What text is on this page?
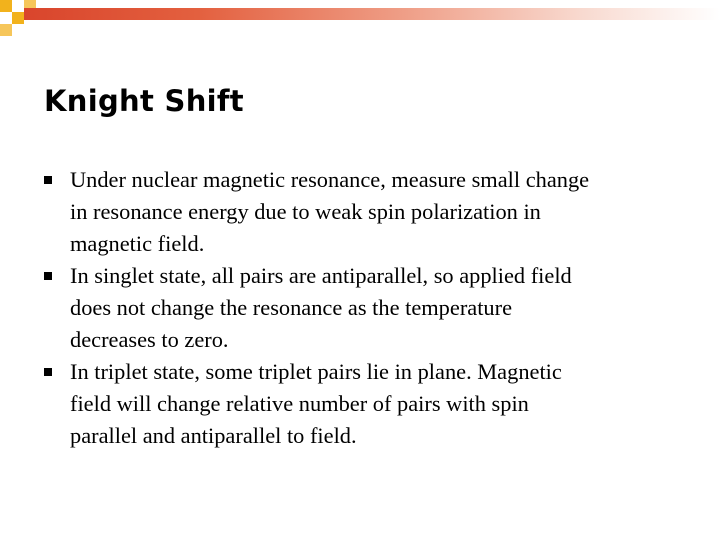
Knight Shift
Under nuclear magnetic resonance, measure small change
in resonance energy due to weak spin polarization in
magnetic field.
In singlet state, all pairs are antiparallel, so applied field
does not change the resonance as the temperature
decreases to zero.
In triplet state, some triplet pairs lie in plane. Magnetic
field will change relative number of pairs with spin
parallel and antiparallel to field.
